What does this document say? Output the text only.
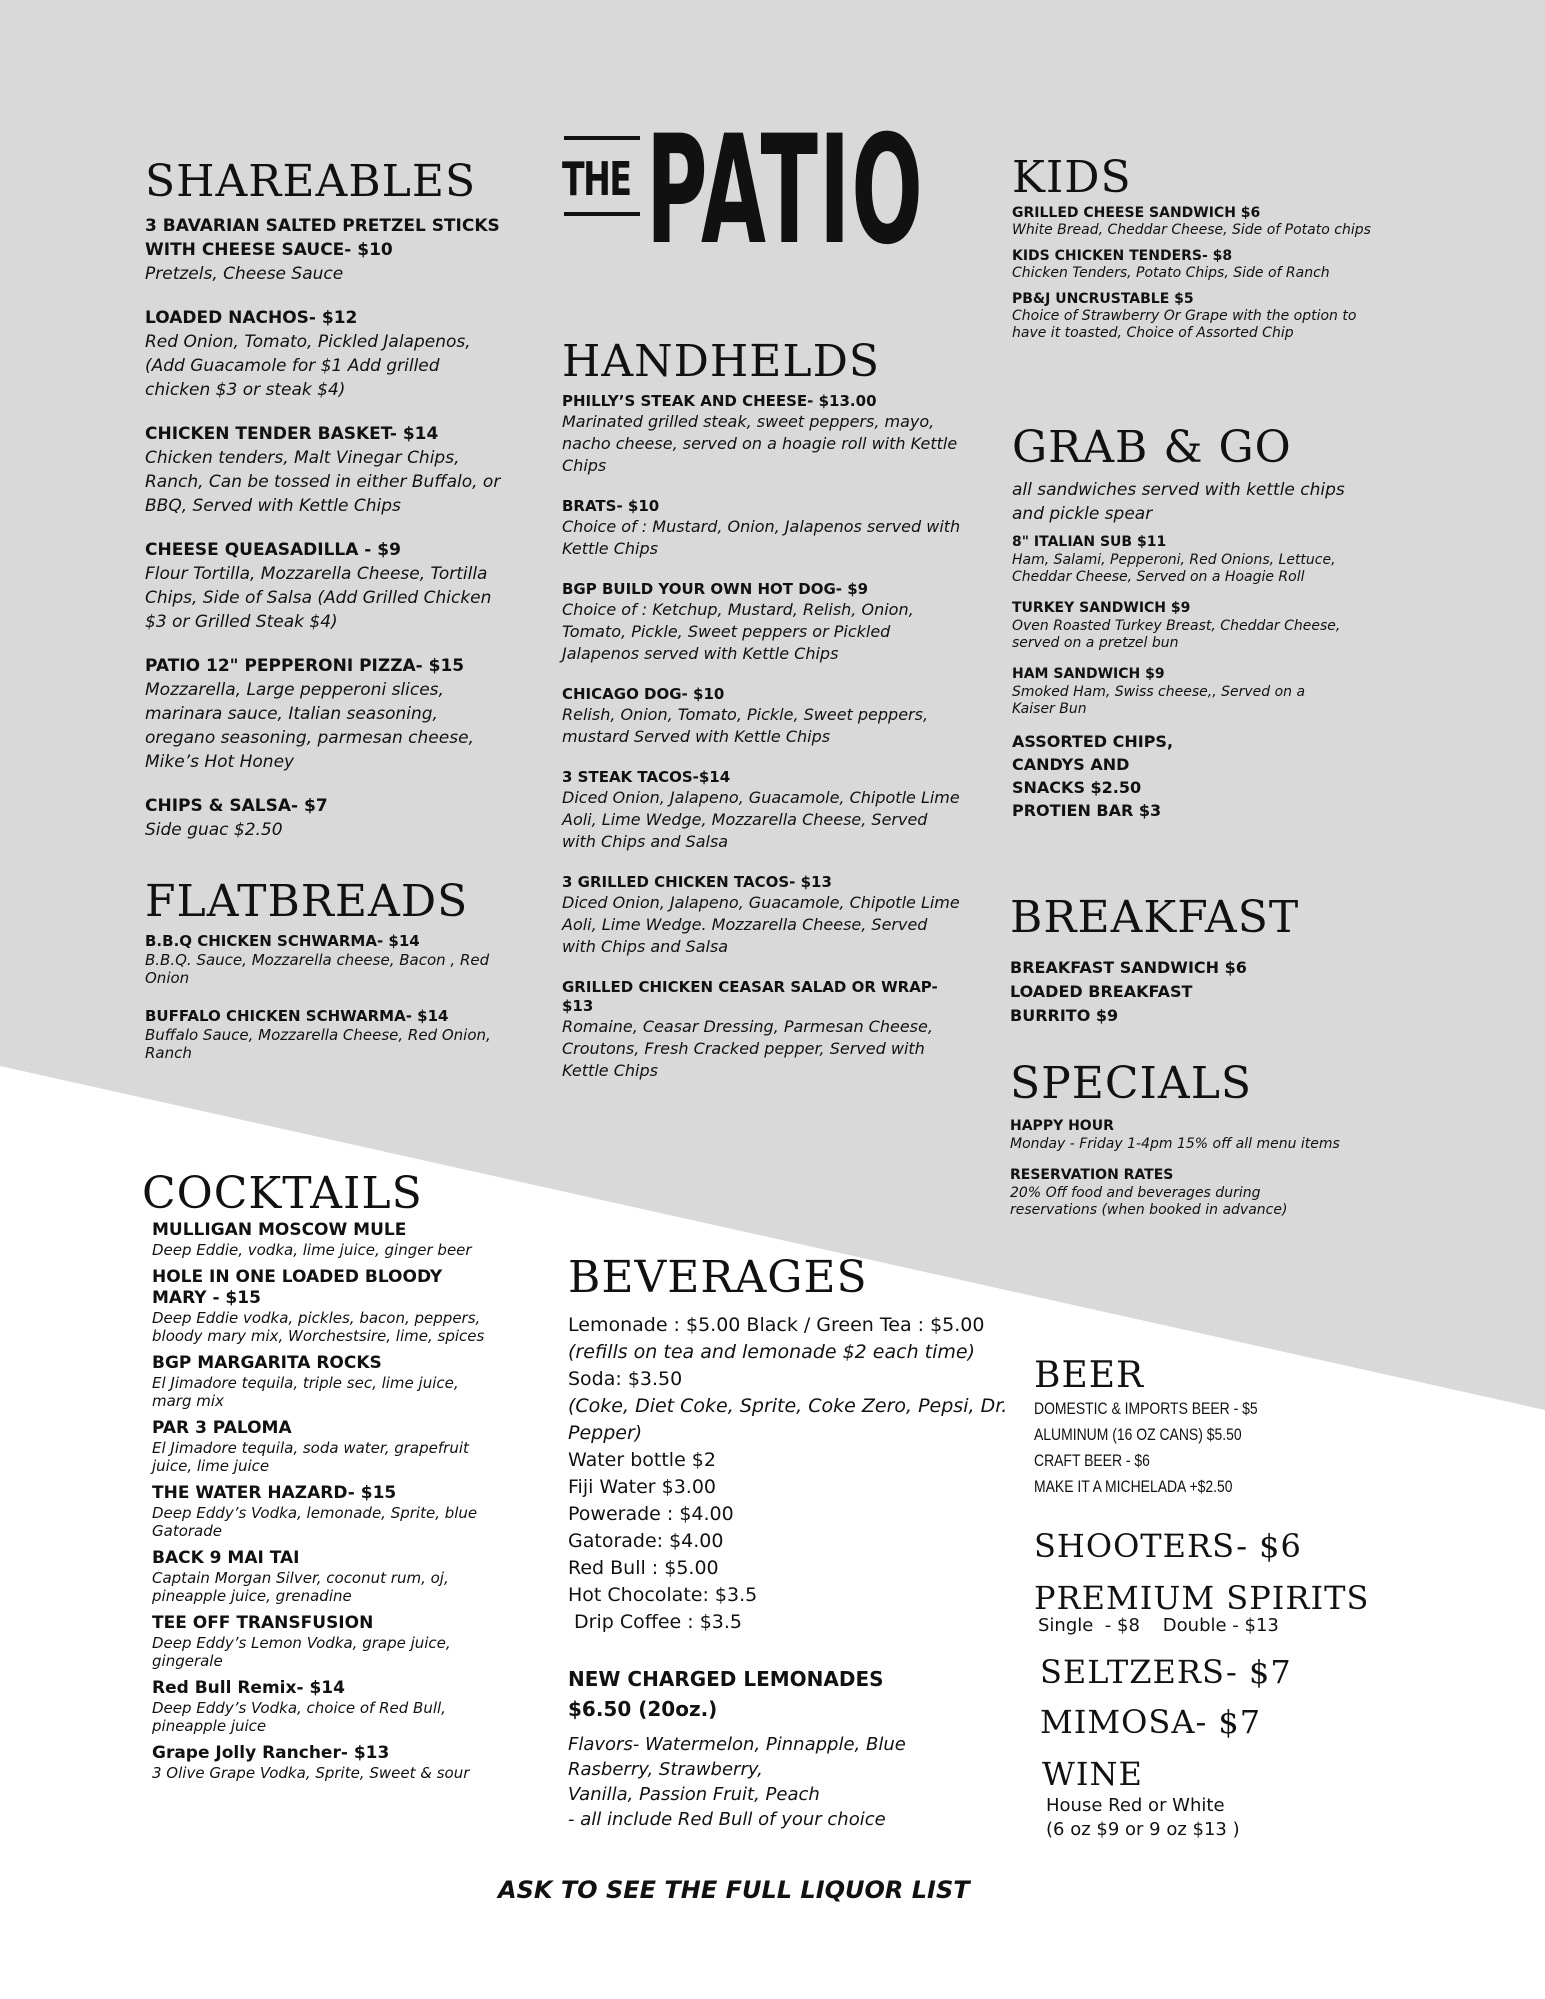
THE PATIO
SHAREABLES
3 BAVARIAN SALTED PRETZEL STICKS WITH CHEESE SAUCE- $10
Pretzels, Cheese Sauce
LOADED NACHOS- $12
Red Onion, Tomato, Pickled Jalapenos, (Add Guacamole for $1 Add grilled chicken $3 or steak $4)
CHICKEN TENDER BASKET- $14
Chicken tenders, Malt Vinegar Chips, Ranch, Can be tossed in either Buffalo, or BBQ, Served with Kettle Chips
CHEESE QUEASADILLA - $9
Flour Tortilla, Mozzarella Cheese, Tortilla Chips, Side of Salsa (Add Grilled Chicken $3 or Grilled Steak $4)
PATIO 12" PEPPERONI PIZZA- $15
Mozzarella, Large pepperoni slices, marinara sauce, Italian seasoning, oregano seasoning, parmesan cheese, Mike’s Hot Honey
CHIPS & SALSA- $7
Side guac $2.50
FLATBREADS
B.B.Q CHICKEN SCHWARMA- $14
B.B.Q. Sauce, Mozzarella cheese, Bacon , Red Onion
BUFFALO CHICKEN SCHWARMA- $14
Buffalo Sauce, Mozzarella Cheese, Red Onion, Ranch
HANDHELDS
PHILLY’S STEAK AND CHEESE- $13.00
Marinated grilled steak, sweet peppers, mayo, nacho cheese, served on a hoagie roll with Kettle Chips
BRATS- $10
Choice of : Mustard, Onion, Jalapenos served with Kettle Chips
BGP BUILD YOUR OWN HOT DOG- $9
Choice of : Ketchup, Mustard, Relish, Onion, Tomato, Pickle, Sweet peppers or Pickled Jalapenos served with Kettle Chips
CHICAGO DOG- $10
Relish, Onion, Tomato, Pickle, Sweet peppers, mustard Served with Kettle Chips
3 STEAK TACOS-$14
Diced Onion, Jalapeno, Guacamole, Chipotle Lime Aoli, Lime Wedge, Mozzarella Cheese, Served with Chips and Salsa
3 GRILLED CHICKEN TACOS- $13
Diced Onion, Jalapeno, Guacamole, Chipotle Lime Aoli, Lime Wedge. Mozzarella Cheese, Served with Chips and Salsa
GRILLED CHICKEN CEASAR SALAD OR WRAP- $13
Romaine, Ceasar Dressing, Parmesan Cheese, Croutons, Fresh Cracked pepper, Served with Kettle Chips
KIDS
GRILLED CHEESE SANDWICH $6
White Bread, Cheddar Cheese, Side of Potato chips
KIDS CHICKEN TENDERS- $8
Chicken Tenders, Potato Chips, Side of Ranch
PB&J UNCRUSTABLE $5
Choice of Strawberry Or Grape with the option to have it toasted, Choice of Assorted Chip
GRAB & GO
all sandwiches served with kettle chips and pickle spear
8" ITALIAN SUB $11
Ham, Salami, Pepperoni, Red Onions, Lettuce, Cheddar Cheese, Served on a Hoagie Roll
TURKEY SANDWICH $9
Oven Roasted Turkey Breast, Cheddar Cheese, served on a pretzel bun
HAM SANDWICH $9
Smoked Ham, Swiss cheese,, Served on a Kaiser Bun
ASSORTED CHIPS,
CANDYS AND
SNACKS $2.50
PROTIEN BAR $3
BREAKFAST
BREAKFAST SANDWICH $6
LOADED BREAKFAST
BURRITO $9
SPECIALS
HAPPY HOUR
Monday - Friday 1-4pm 15% off all menu items
RESERVATION RATES
20% Off food and beverages during reservations (when booked in advance)
COCKTAILS
MULLIGAN MOSCOW MULE
Deep Eddie, vodka, lime juice, ginger beer
HOLE IN ONE LOADED BLOODY MARY - $15
Deep Eddie vodka, pickles, bacon, peppers, bloody mary mix, Worchestsire, lime, spices
BGP MARGARITA ROCKS
El Jimadore tequila, triple sec, lime juice, marg mix
PAR 3 PALOMA
El Jimadore tequila, soda water, grapefruit juice, lime juice
THE WATER HAZARD- $15
Deep Eddy’s Vodka, lemonade, Sprite, blue Gatorade
BACK 9 MAI TAI
Captain Morgan Silver, coconut rum, oj, pineapple juice, grenadine
TEE OFF TRANSFUSION
Deep Eddy’s Lemon Vodka, grape juice, gingerale
Red Bull Remix- $14
Deep Eddy’s Vodka, choice of Red Bull, pineapple juice
Grape Jolly Rancher- $13
3 Olive Grape Vodka, Sprite, Sweet & sour
BEVERAGES
Lemonade : $5.00 Black / Green Tea : $5.00
(refills on tea and lemonade $2 each time)
Soda: $3.50
(Coke, Diet Coke, Sprite, Coke Zero, Pepsi, Dr. Pepper)
Water bottle $2
Fiji Water $3.00
Powerade : $4.00
Gatorade: $4.00
Red Bull : $5.00
Hot Chocolate: $3.5
Drip Coffee : $3.5
NEW CHARGED LEMONADES $6.50 (20oz.)
Flavors- Watermelon, Pinnapple, Blue
Rasberry, Strawberry,
Vanilla, Passion Fruit, Peach
- all include Red Bull of your choice
BEER
DOMESTIC & IMPORTS BEER - $5
ALUMINUM (16 OZ CANS) $5.50
CRAFT BEER - $6
MAKE IT A MICHELADA +$2.50
SHOOTERS- $6
PREMIUM SPIRITS
Single  - $8    Double - $13
SELTZERS- $7
MIMOSA- $7
WINE
House Red or White
(6 oz $9 or 9 oz $13 )
ASK TO SEE THE FULL LIQUOR LIST
